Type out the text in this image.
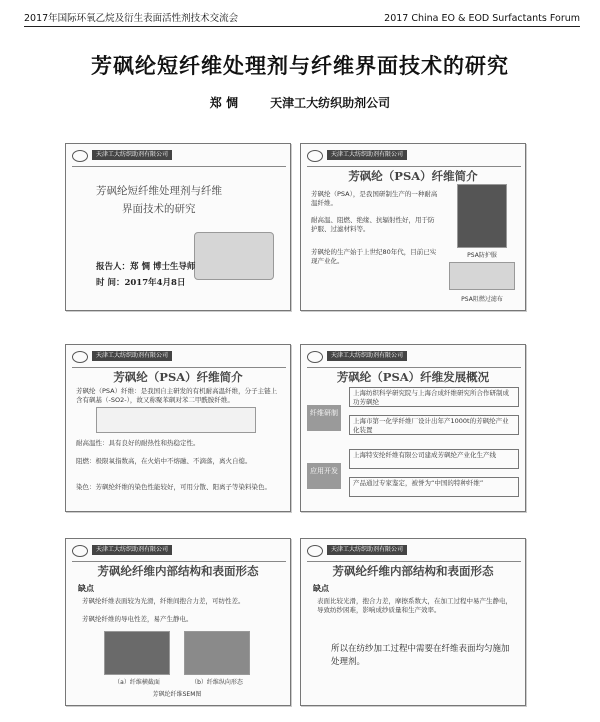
2017年国际环氧乙烷及衍生表面活性剂技术交流会	2017 China EO & EOD Surfactants Forum
芳砜纶短纤维处理剂与纤维界面技术的研究
郑 惆	天津工大纺织助剂公司
天津工大纺织助剂有限公司
芳砜纶短纤维处理剂与纤维
界面技术的研究
报告人：郑 惆 博士生导师
时 间：2017年4月8日
天津工大纺织助剂有限公司
芳砜纶（PSA）纤维简介
芳砜纶（PSA），是我国研制生产的一种耐高温纤维。
耐高温、阻燃、绝缘、抗辐射性好，用于防护服、过滤材料等。
芳砜纶的生产始于上世纪80年代，目前已实现产业化。
PSA防护服
PSA阻燃过滤布
天津工大纺织助剂有限公司
芳砜纶（PSA）纤维简介
芳砜纶（PSA）纤维：是我国自主研发的有机耐高温纤维，分子主链上含有砜基（-SO2-），故又称聚苯砜对苯二甲酰胺纤维。
耐高温性：具有良好的耐热性和热稳定性。
阻燃：极限氧指数高，在火焰中不熔融、不滴落，离火自熄。
染色：芳砜纶纤维的染色性能较好，可用分散、阳离子等染料染色。
天津工大纺织助剂有限公司
芳砜纶（PSA）纤维发展概况
纤维研制
应用开发
上海纺织科学研究院与上海合成纤维研究所合作研制成功芳砜纶
上海市第一化学纤维厂设计出年产1000t的芳砜纶产业化装置
上海特安纶纤维有限公司建成芳砜纶产业化生产线
产品通过专家鉴定，被誉为“中国的特种纤维”
天津工大纺织助剂有限公司
芳砜纶纤维内部结构和表面形态
缺点
芳砜纶纤维表面较为光滑，纤维间抱合力差，可纺性差。
芳砜纶纤维的导电性差，易产生静电。
（a）纤维横截面	（b）纤维纵向形态
芳砜纶纤维SEM图
天津工大纺织助剂有限公司
芳砜纶纤维内部结构和表面形态
缺点
表面比较光滑，抱合力差，摩擦系数大，在加工过程中易产生静电，导致纺纱困难，影响成纱质量和生产效率。
所以在纺纱加工过程中需要在纤维表面均匀施加处理剂。
